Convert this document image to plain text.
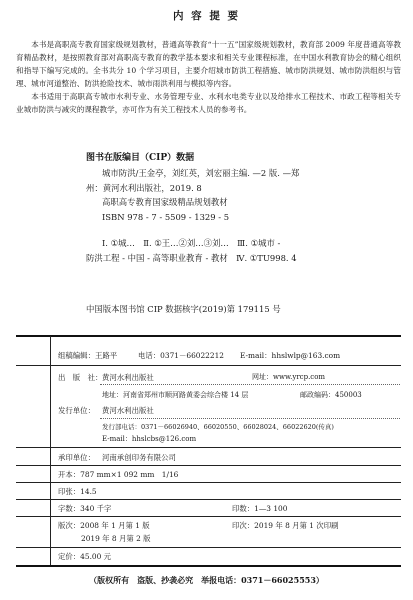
内 容 提 要

本书是高职高专教育国家级规划教材，普通高等教育“十一五”国家级规划教材，教育部 2009 年度普通高等教育精品教材，是按照教育部对高职高专教育的教学基本要求和相关专业课程标准，在中国水利教育协会的精心组织和指导下编写完成的。全书共分 10 个学习项目，主要介绍城市防洪工程措施、城市防洪规划、城市防洪组织与管理、城市河道整治、防洪抢险技术、城市雨洪利用与模拟等内容。

本书适用于高职高专城市水利专业、水务管理专业、水利水电类专业以及给排水工程技术、市政工程等相关专业城市防洪与减灾的课程教学，亦可作为有关工程技术人员的参考书。

图书在版编目（CIP）数据
城市防洪/王金亭，刘红英，刘宏丽主编. —2 版. —郑
州：黄河水利出版社，2019. 8
高职高专教育国家级精品规划教材
ISBN 978 - 7 - 5509 - 1329 - 5
Ⅰ. ①城…　Ⅱ. ①王…②刘…③刘…　Ⅲ. ①城市 -
防洪工程 - 中国 - 高等职业教育 - 教材　Ⅳ. ①TU998. 4
中国版本图书馆 CIP 数据核字(2019)第 179115 号
组稿编辑：王路平	电话：0371－66022212 E-mail：hhslwlp@163.com
出　版　社： 黄河水利出版社	网址：www.yrcp.com
地址：河南省郑州市顺河路黄委会综合楼 14 层	邮政编码：450003
发行单位： 黄河水利出版社
发行部电话：0371－66026940、66020550、66028024、66022620(传真)
E-mail：hhslcbs@126.com
承印单位： 河南承创印务有限公司
开本：787 mm×1 092 mm　1/16
印张：14.5
字数：340 千字	印数：1—3 100
版次：2008 年 1 月第 1 版	印次：2019 年 8 月第 1 次印刷
2019 年 8 月第 2 版
定价：45.00 元
（版权所有　盗版、抄袭必究　举报电话：0371－66025553）
